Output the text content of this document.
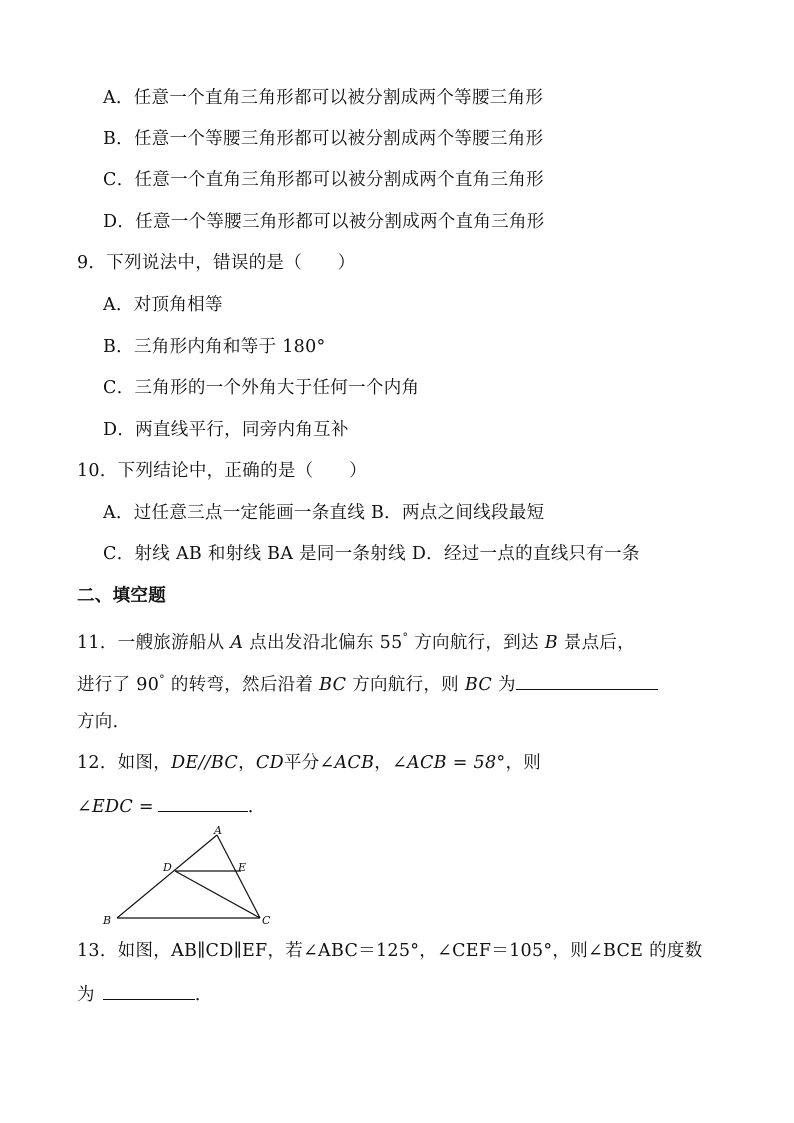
A．任意一个直角三角形都可以被分割成两个等腰三角形
B．任意一个等腰三角形都可以被分割成两个等腰三角形
C．任意一个直角三角形都可以被分割成两个直角三角形
D．任意一个等腰三角形都可以被分割成两个直角三角形
9．下列说法中，错误的是（　　）
A．对顶角相等
B．三角形内角和等于 180°
C．三角形的一个外角大于任何一个内角
D．两直线平行，同旁内角互补
10．下列结论中，正确的是（　　）
A．过任意三点一定能画一条直线 B．两点之间线段最短
C．射线 AB 和射线 BA 是同一条射线 D．经过一点的直线只有一条
二、填空题
11．一艘旅游船从 A 点出发沿北偏东 55° 方向航行，到达 B 景点后，
进行了 90° 的转弯，然后沿着 BC 方向航行，则 BC 为
方向．
12．如图，DE//BC，CD平分∠ACB，∠ACB = 58°，则
∠EDC =	．
A
B	C
D	E
13．如图，AB∥CD∥EF，若∠ABC＝125°，∠CEF＝105°，则∠BCE 的度数
为	．
